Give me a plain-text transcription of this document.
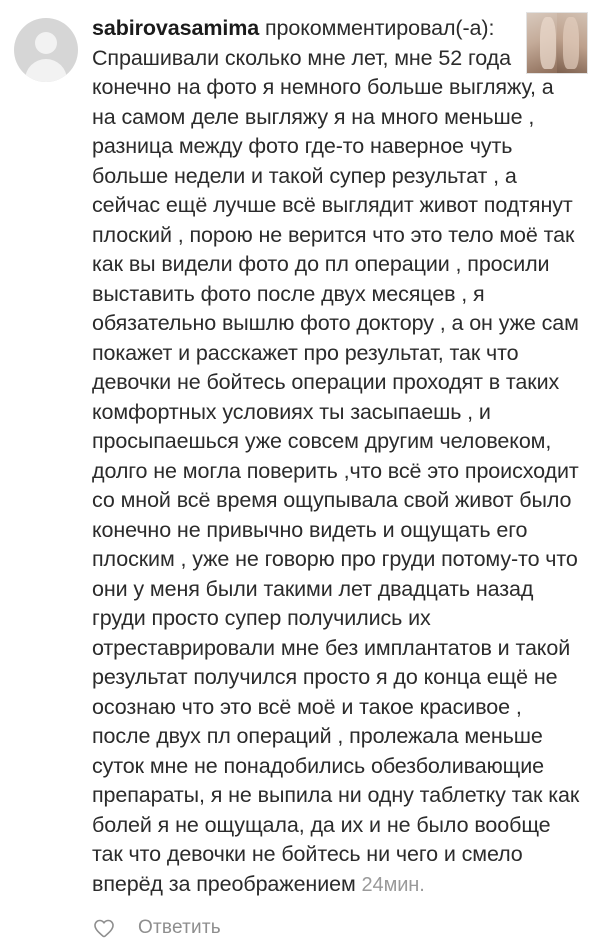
sabirovasamima прокомментировал(-а): Спрашивали сколько мне лет, мне 52 года конечно на фото я немного больше выгляжу, а на самом деле выгляжу я на много меньше , разница между фото где-то наверное чуть больше недели и такой супер результат , а сейчас ещё лучше всё выглядит живот подтянут плоский , порою не верится что это тело моё так как вы видели фото до пл операции , просили выставить фото после двух месяцев , я обязательно вышлю фото доктору , а он уже сам покажет и расскажет про результат, так что девочки не бойтесь операции проходят в таких комфортных условиях ты засыпаешь , и просыпаешься уже совсем другим человеком, долго не могла поверить ,что всё это происходит со мной всё время ощупывала свой живот было конечно не привычно видеть и ощущать его плоским , уже не говорю про груди потому-то что они у меня были такими лет двадцать назад груди просто супер получились их отреставрировали мне без имплантатов и такой результат получился просто я до конца ещё не осознаю что это всё моё и такое красивое , после двух пл операций , пролежала меньше суток мне не понадобились обезболивающие препараты, я не выпила ни одну таблетку так как болей я не ощущала, да их и не было вообще так что девочки не бойтесь ни чего и смело вперёд за преображением 24мин.
Ответить
